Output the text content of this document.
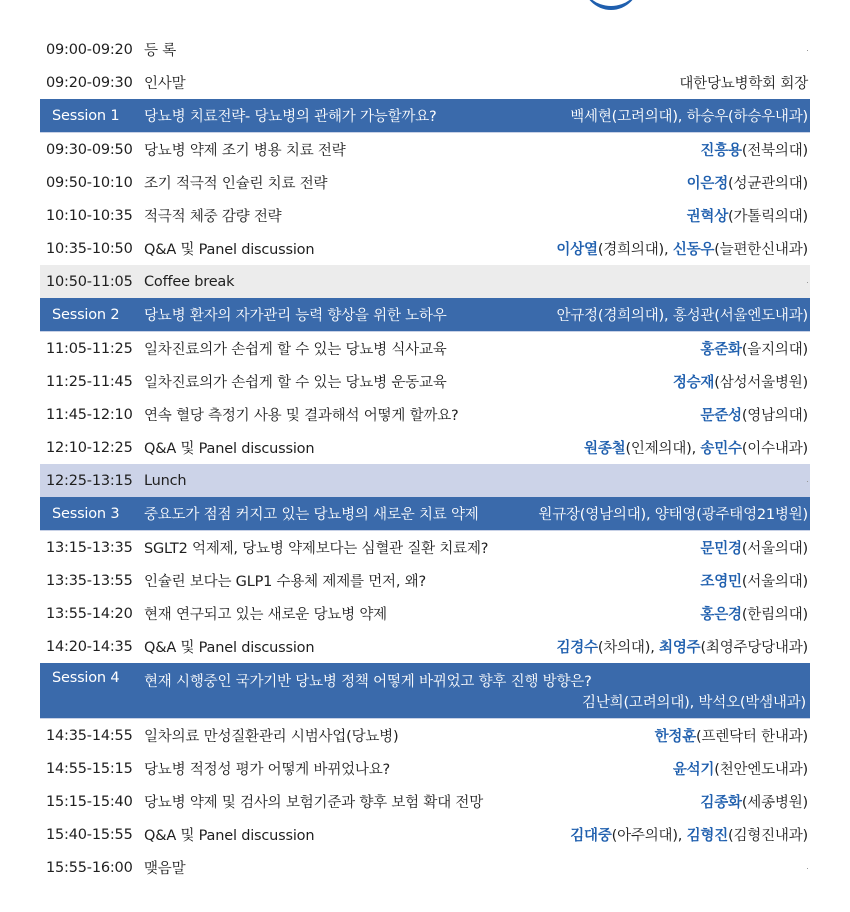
09:00-09:20 등 록
09:20-09:30 인사말	대한당뇨병학회 회장
Session 1	당뇨병 치료전략- 당뇨병의 관해가 가능할까요?	백세현(고려의대), 하승우(하승우내과)
09:30-09:50 당뇨병 약제 조기 병용 치료 전략	진흥용(전북의대)
09:50-10:10 조기 적극적 인슐린 치료 전략	이은정(성균관의대)
10:10-10:35 적극적 체중 감량 전략	권혁상(가톨릭의대)
10:35-10:50 Q&A 및 Panel discussion	이상열(경희의대), 신동우(늘편한신내과)
10:50-11:05 Coffee break
Session 2	당뇨병 환자의 자가관리 능력 향상을 위한 노하우	안규정(경희의대), 홍성관(서울엔도내과)
11:05-11:25 일차진료의가 손쉽게 할 수 있는 당뇨병 식사교육	홍준화(을지의대)
11:25-11:45 일차진료의가 손쉽게 할 수 있는 당뇨병 운동교육	정승재(삼성서울병원)
11:45-12:10 연속 혈당 측정기 사용 및 결과해석 어떻게 할까요?	문준성(영남의대)
12:10-12:25 Q&A 및 Panel discussion	원종철(인제의대), 송민수(이수내과)
12:25-13:15 Lunch
Session 3	중요도가 점점 커지고 있는 당뇨병의 새로운 치료 약제	원규장(영남의대), 양태영(광주태영21병원)
13:15-13:35 SGLT2 억제제, 당뇨병 약제보다는 심혈관 질환 치료제?	문민경(서울의대)
13:35-13:55 인슐린 보다는 GLP1 수용체 제제를 먼저, 왜?	조영민(서울의대)
13:55-14:20 현재 연구되고 있는 새로운 당뇨병 약제	홍은경(한림의대)
14:20-14:35 Q&A 및 Panel discussion	김경수(차의대), 최영주(최영주당당내과)
Session 4	현재 시행중인 국가기반 당뇨병 정책 어떻게 바뀌었고 향후 진행 방향은?
김난희(고려의대), 박석오(박샘내과)
14:35-14:55 일차의료 만성질환관리 시범사업(당뇨병)	한정훈(프렌닥터 한내과)
14:55-15:15 당뇨병 적정성 평가 어떻게 바뀌었나요?	윤석기(천안엔도내과)
15:15-15:40 당뇨병 약제 및 검사의 보험기준과 향후 보험 확대 전망	김종화(세종병원)
15:40-15:55 Q&A 및 Panel discussion	김대중(아주의대), 김형진(김형진내과)
15:55-16:00 맺음말
